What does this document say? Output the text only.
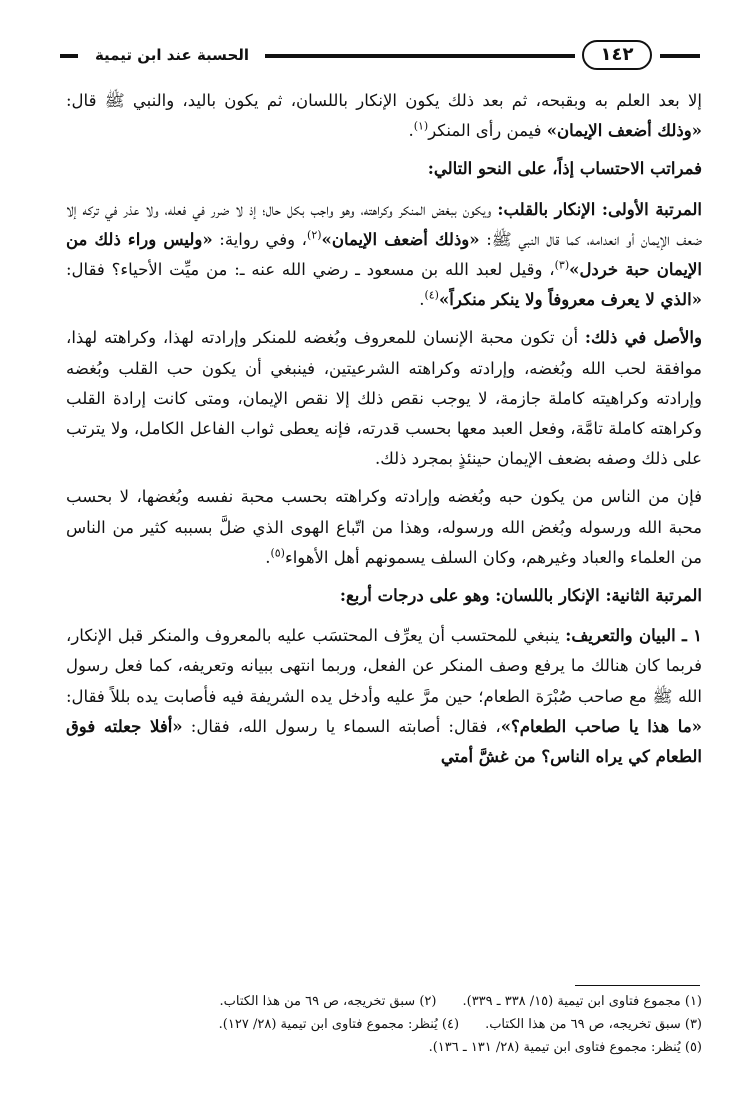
الحسبة عند ابن تيمية	١٤٢

إلا بعد العلم به وبقبحه، ثم بعد ذلك يكون الإنكار باللسان، ثم يكون باليد، والنبي ﷺ قال: «وذلك أضعف الإيمان» فيمن رأى المنكر$^{(١)}$.

فمراتب الاحتساب إذاً، على النحو التالي:

المرتبة الأولى: الإنكار بالقلب: ويكون ببغض المنكر وكراهته، وهو واجب بكل حال؛ إذ لا ضرر في فعله، ولا عذر في تركه إلا ضعف الإيمان أو انعدامه، كما قال النبي ﷺ: «وذلك أضعف الإيمان»$^{(٢)}$، وفي رواية: «وليس وراء ذلك من الإيمان حبة خردل»$^{(٣)}$، وقيل لعبد الله بن مسعود ـ رضي الله عنه ـ: من ميِّت الأحياء؟ فقال: «الذي لا يعرف معروفاً ولا ينكر منكراً»$^{(٤)}$.

والأصل في ذلك: أن تكون محبة الإنسان للمعروف وبُغضه للمنكر وإرادته لهذا، وكراهته لهذا، موافقة لحب الله وبُغضه، وإرادته وكراهته الشرعيتين، فينبغي أن يكون حب القلب وبُغضه وإرادته وكراهيته كاملة جازمة، لا يوجب نقص ذلك إلا نقص الإيمان، ومتى كانت إرادة القلب وكراهته كاملة تامَّة، وفعل العبد معها بحسب قدرته، فإنه يعطى ثواب الفاعل الكامل، ولا يترتب على ذلك وصفه بضعف الإيمان حينئذٍ بمجرد ذلك.

فإن من الناس من يكون حبه وبُغضه وإرادته وكراهته بحسب محبة نفسه وبُغضها، لا بحسب محبة الله ورسوله وبُغض الله ورسوله، وهذا من اتّباع الهوى الذي ضلَّ بسببه كثير من الناس من العلماء والعباد وغيرهم، وكان السلف يسمونهم أهل الأهواء$^{(٥)}$.

المرتبة الثانية: الإنكار باللسان: وهو على درجات أربع:

١ ـ البيان والتعريف: ينبغي للمحتسب أن يعرِّف المحتسَب عليه بالمعروف والمنكر قبل الإنكار، فربما كان هنالك ما يرفع وصف المنكر عن الفعل، وربما انتهى ببيانه وتعريفه، كما فعل رسول الله ﷺ مع صاحب صُبْرَة الطعام؛ حين مرَّ عليه وأدخل يده الشريفة فيه فأصابت يده بللاً فقال: «ما هذا يا صاحب الطعام؟»، فقال: أصابته السماء يا رسول الله، فقال: «أفلا جعلته فوق الطعام كي يراه الناس؟ من غشَّ أمتي

(١) مجموع فتاوى ابن تيمية (١٥/ ٣٣٨ ـ ٣٣٩).(٢) سبق تخريجه، ص ٦٩ من هذا الكتاب.
(٣) سبق تخريجه، ص ٦٩ من هذا الكتاب.(٤) يُنظر: مجموع فتاوى ابن تيمية (٢٨/ ١٢٧).
(٥) يُنظر: مجموع فتاوى ابن تيمية (٢٨/ ١٣١ ـ ١٣٦).
